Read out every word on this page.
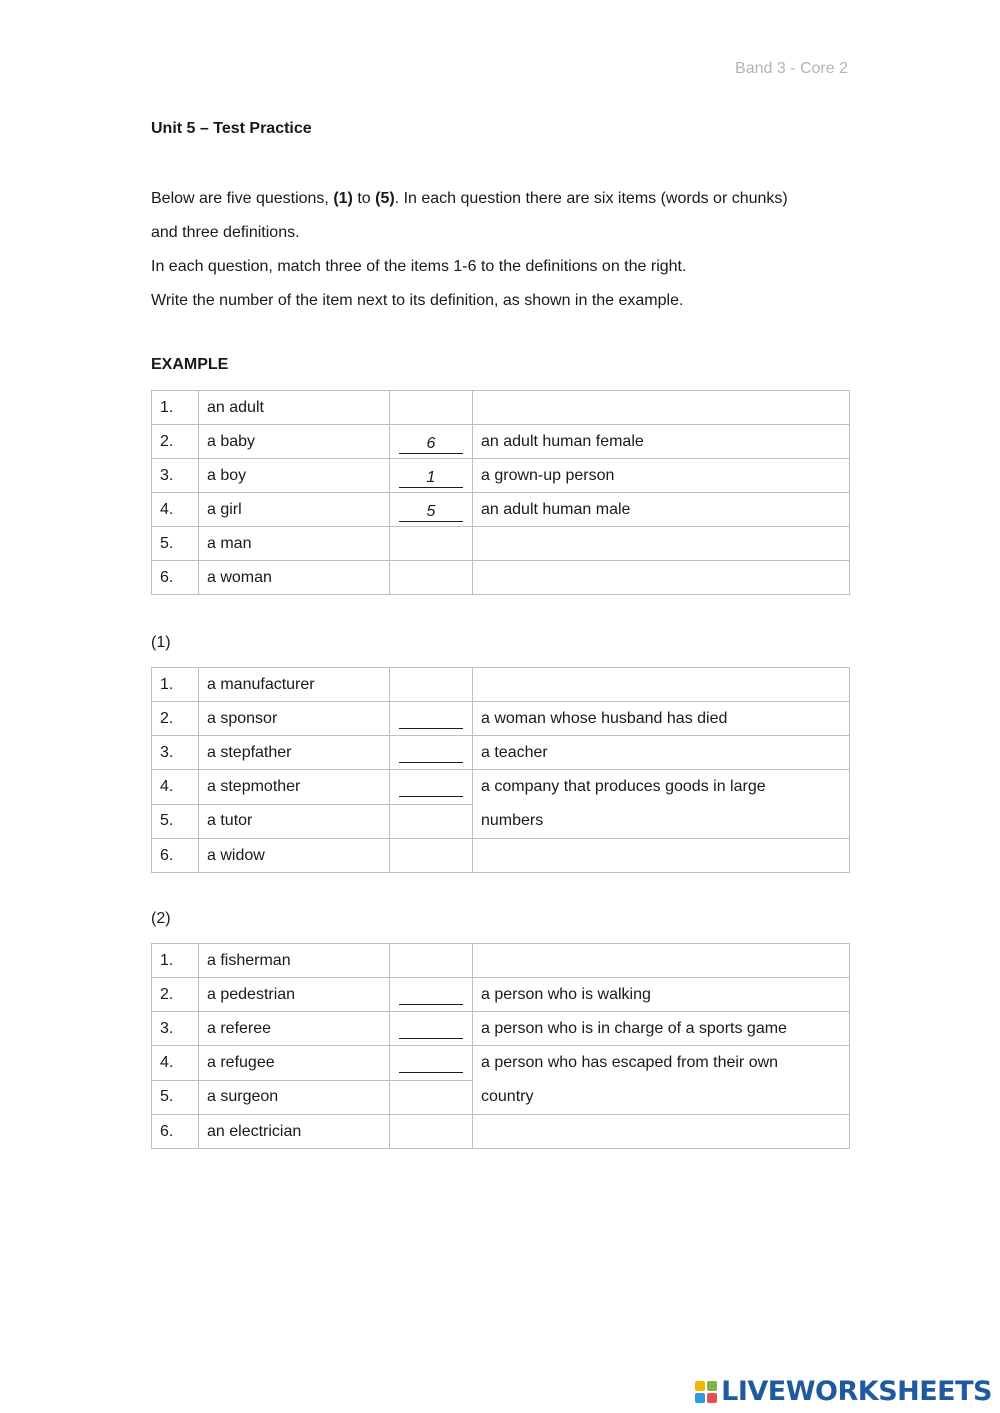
Band 3 - Core 2
Unit 5 – Test Practice

Below are five questions, (1) to (5). In each question there are six items (words or chunks)

and three definitions.

In each question, match three of the items 1-6 to the definitions on the right.

Write the number of the item next to its definition, as shown in the example.

EXAMPLE
1.	an adult		
2.	a baby	6	an adult human female
3.	a boy	1	a grown-up person
4.	a girl	5	an adult human male
5.	a man		
6.	a woman		
(1)
1.	a manufacturer		
2.	a sponsor		a woman whose husband has died
3.	a stepfather		a teacher
4.	a stepmother		a company that produces goods in large
numbers
5.	a tutor		
6.	a widow		
(2)
1.	a fisherman		
2.	a pedestrian		a person who is walking
3.	a referee		a person who is in charge of a sports game
4.	a refugee		a person who has escaped from their own
country
5.	a surgeon		
6.	an electrician		
LIVEWORKSHEETS
